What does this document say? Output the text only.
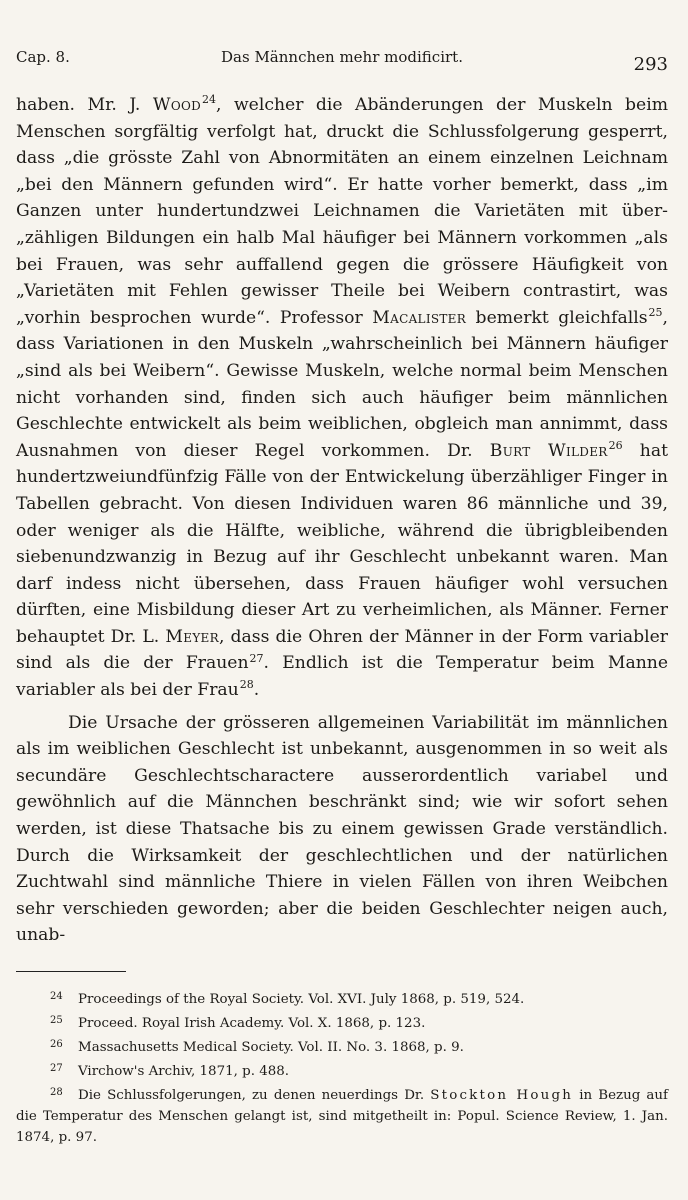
Cap. 8.	Das Männchen mehr modificirt.	293

haben. Mr. J. Wood$^{24}$, welcher die Abänderungen der Muskeln beim Menschen sorgfältig verfolgt hat, druckt die Schlussfolgerung gesperrt, dass „die grösste Zahl von Abnormitäten an einem einzelnen Leichnam „bei den Männern gefunden wird“. Er hatte vorher bemerkt, dass „im Ganzen unter hundertundzwei Leichnamen die Varietäten mit über- „zähligen Bildungen ein halb Mal häufiger bei Männern vorkommen „als bei Frauen, was sehr auffallend gegen die grössere Häufigkeit von „Varietäten mit Fehlen gewisser Theile bei Weibern contrastirt, was „vorhin besprochen wurde“. Professor Macalister bemerkt gleichfalls$^{25}$, dass Variationen in den Muskeln „wahrscheinlich bei Männern häufiger „sind als bei Weibern“. Gewisse Muskeln, welche normal beim Menschen nicht vorhanden sind, finden sich auch häufiger beim männlichen Geschlechte entwickelt als beim weiblichen, obgleich man annimmt, dass Ausnahmen von dieser Regel vorkommen. Dr. Burt Wilder$^{26}$ hat hundertzweiundfünfzig Fälle von der Entwickelung überzähliger Finger in Tabellen gebracht. Von diesen Individuen waren 86 männliche und 39, oder weniger als die Hälfte, weibliche, während die übrigbleibenden siebenundzwanzig in Bezug auf ihr Geschlecht unbekannt waren. Man darf indess nicht übersehen, dass Frauen häufiger wohl versuchen dürften, eine Misbildung dieser Art zu verheimlichen, als Männer. Ferner behauptet Dr. L. Meyer, dass die Ohren der Männer in der Form variabler sind als die der Frauen$^{27}$. Endlich ist die Temperatur beim Manne variabler als bei der Frau$^{28}$.

Die Ursache der grösseren allgemeinen Variabilität im männlichen als im weiblichen Geschlecht ist unbekannt, ausgenommen in so weit als secundäre Geschlechtscharactere ausserordentlich variabel und gewöhnlich auf die Männchen beschränkt sind; wie wir sofort sehen werden, ist diese Thatsache bis zu einem gewissen Grade verständlich. Durch die Wirksamkeit der geschlechtlichen und der natürlichen Zuchtwahl sind männliche Thiere in vielen Fällen von ihren Weibchen sehr verschieden geworden; aber die beiden Geschlechter neigen auch, unab-

24 Proceedings of the Royal Society. Vol. XVI. July 1868, p. 519, 524.
25 Proceed. Royal Irish Academy. Vol. X. 1868, p. 123.
26 Massachusetts Medical Society. Vol. II. No. 3. 1868, p. 9.
27 Virchow's Archiv, 1871, p. 488.
28 Die Schlussfolgerungen, zu denen neuerdings Dr. Stockton Hough in Bezug auf die Temperatur des Menschen gelangt ist, sind mitgetheilt in: Popul. Science Review, 1. Jan. 1874, p. 97.
